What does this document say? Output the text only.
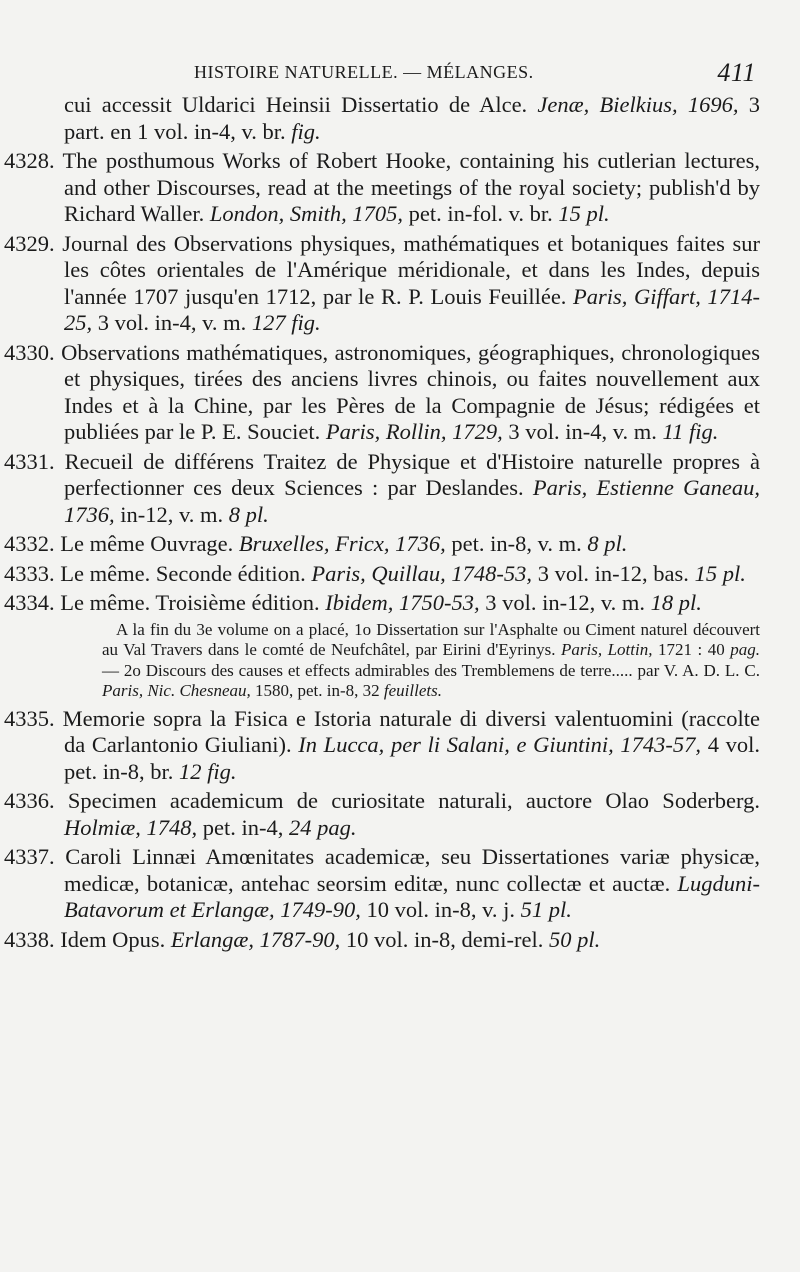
HISTOIRE NATURELLE. — MÉLANGES.	411

cui accessit Uldarici Heinsii Dissertatio de Alce. Jenæ, Bielkius, 1696, 3 part. en 1 vol. in-4, v. br. fig.

4328. The posthumous Works of Robert Hooke, containing his cutlerian lectures, and other Discourses, read at the meetings of the royal society; publish'd by Richard Waller. London, Smith, 1705, pet. in-fol. v. br. 15 pl.

4329. Journal des Observations physiques, mathématiques et botaniques faites sur les côtes orientales de l'Amérique méridionale, et dans les Indes, depuis l'année 1707 jusqu'en 1712, par le R. P. Louis Feuillée. Paris, Giffart, 1714-25, 3 vol. in-4, v. m. 127 fig.

4330. Observations mathématiques, astronomiques, géographiques, chronologiques et physiques, tirées des anciens livres chinois, ou faites nouvellement aux Indes et à la Chine, par les Pères de la Compagnie de Jésus; rédigées et publiées par le P. E. Souciet. Paris, Rollin, 1729, 3 vol. in-4, v. m. 11 fig.

4331. Recueil de différens Traitez de Physique et d'Histoire naturelle propres à perfectionner ces deux Sciences : par Deslandes. Paris, Estienne Ganeau, 1736, in-12, v. m. 8 pl.

4332. Le même Ouvrage. Bruxelles, Fricx, 1736, pet. in-8, v. m. 8 pl.

4333. Le même. Seconde édition. Paris, Quillau, 1748-53, 3 vol. in-12, bas. 15 pl.

4334. Le même. Troisième édition. Ibidem, 1750-53, 3 vol. in-12, v. m. 18 pl.

A la fin du 3e volume on a placé, 1o Dissertation sur l'Asphalte ou Ciment naturel découvert au Val Travers dans le comté de Neufchâtel, par Eirini d'Eyrinys. Paris, Lottin, 1721 : 40 pag. — 2o Discours des causes et effects admirables des Tremblemens de terre..... par V. A. D. L. C. Paris, Nic. Chesneau, 1580, pet. in-8, 32 feuillets.

4335. Memorie sopra la Fisica e Istoria naturale di diversi valentuomini (raccolte da Carlantonio Giuliani). In Lucca, per li Salani, e Giuntini, 1743-57, 4 vol. pet. in-8, br. 12 fig.

4336. Specimen academicum de curiositate naturali, auctore Olao Soderberg. Holmiæ, 1748, pet. in-4, 24 pag.

4337. Caroli Linnæi Amœnitates academicæ, seu Dissertationes variæ physicæ, medicæ, botanicæ, antehac seorsim editæ, nunc collectæ et auctæ. Lugduni-Batavorum et Erlangæ, 1749-90, 10 vol. in-8, v. j. 51 pl.

4338. Idem Opus. Erlangæ, 1787-90, 10 vol. in-8, demi-rel. 50 pl.
